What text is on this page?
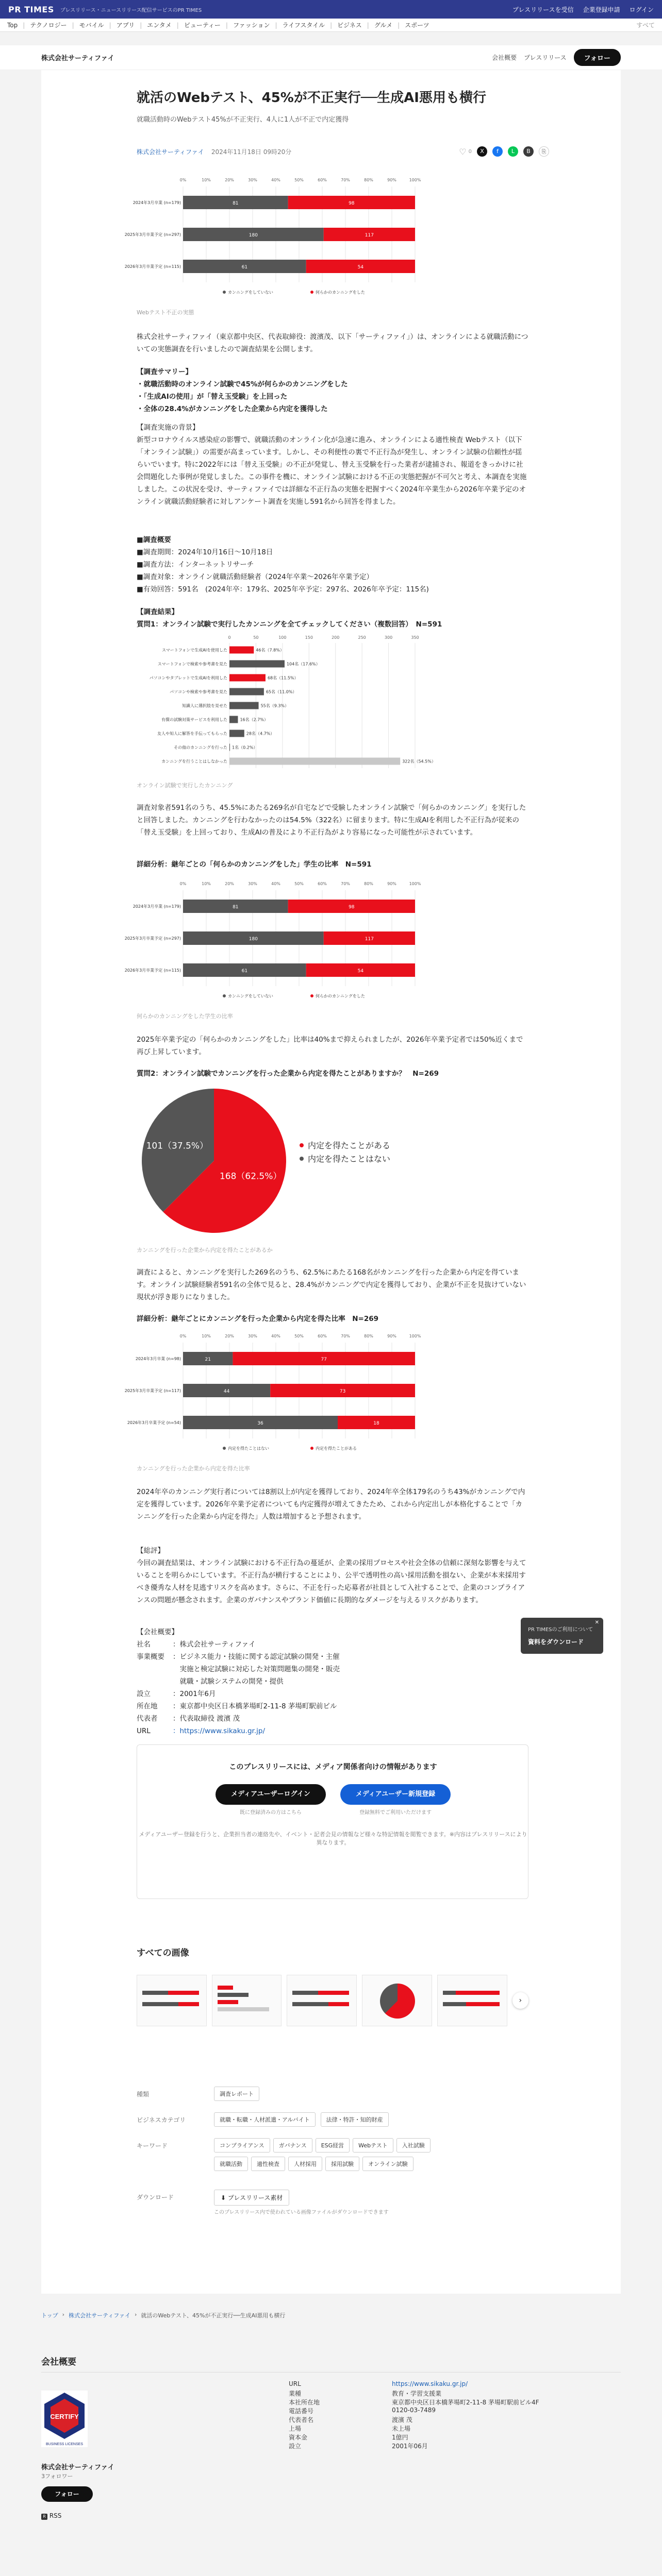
PR TIMES プレスリリース・ニュースリリース配信サービスのPR TIMES	プレスリリースを受信 企業登録申請 ログイン
Top | テクノロジー | モバイル | アプリ | エンタメ | ビューティー | ファッション | ライフスタイル | ビジネス | グルメ | スポーツ	すべて
株式会社サーティファイ	会社概要 プレスリリース	フォロー
就活のWebテスト、45%が不正実行──生成AI悪用も横行
就職活動時のWebテスト45%が不正実行、4人に1人が不正で内定獲得
株式会社サーティファイ 2024年11月18日 09時20分	♡ 0	X	f	L	B	⎘
0%	10%	20%	30%	40%	50%	60%	70%	80%	90%	100%
2024年3月卒業 (n=179)	81	98
2025年3月卒業予定 (n=297)	180	117
2026年3月卒業予定 (n=115)	61	54
カンニングをしていない	何らかのカンニングをした
Webテスト不正の実態
株式会社サーティファイ（東京都中央区、代表取締役：渡濱茂、以下「サーティファイ」）は、オンラインによる就職活動についての実態調査を行いましたので調査結果を公開します。
【調査サマリー】

・就職活動時のオンライン試験で45%が何らかのカンニングをした

・「生成AIの使用」が「替え玉受験」を上回った

・全体の28.4%がカンニングをした企業から内定を獲得した

【調査実施の背景】
新型コロナウイルス感染症の影響で、就職活動のオンライン化が急速に進み、オンラインによる適性検査 Webテスト（以下「オンライン試験」）の需要が高まっています。しかし、その利便性の裏で不正行為が発生し、オンライン試験の信頼性が揺らいでいます。特に2022年には「替え玉受験」の不正が発覚し、替え玉受験を行った業者が逮捕され、報道をきっかけに社会問題化した事例が発覚しました。この事件を機に、オンライン試験における不正の実態把握が不可欠と考え、本調査を実施しました。この状況を受け、サーティファイでは詳細な不正行為の実態を把握すべく2024年卒業生から2026年卒業予定のオンライン就職活動経験者に対しアンケート調査を実施し591名から回答を得ました。

■調査概要

■調査期間：2024年10月16日〜10月18日

■調査方法：インターネットリサーチ

■調査対象：オンライン就職活動経験者（2024年卒業〜2026年卒業予定）

■有効回答：591名　(2024年卒：179名、2025年卒予定：297名、2026年卒予定：115名)

【調査結果】
質問1：オンライン試験で実行したカンニングを全てチェックしてください（複数回答）　N=591
0	50	100	150	200	250	300	350
スマートフォンで生成AIを使用した	46名（7.8%）
スマートフォンで検索や参考書を見た	104名（17.6%）
パソコンやタブレットで生成AIを利用した	68名（11.5%）
パソコンや検索や参考書を見た	65名（11.0%）
知識人に選択肢を見せた	55名（9.3%）
有償の試験対策サービスを利用した	16名（2.7%）
友人や知人に解答を手伝ってもらった	28名（4.7%）
その他のカンニングを行った 1名（0.2%）
カンニングを行うことはしなかった	322名（54.5%）
オンライン試験で実行したカンニング
調査対象者591名のうち、45.5%にあたる269名が自宅などで受験したオンライン試験で「何らかのカンニング」を実行したと回答しました。カンニングを行わなかったのは54.5%（322名）に留まります。特に生成AIを利用した不正行為が従来の「替え玉受験」を上回っており、生成AIの普及により不正行為がより容易になった可能性が示されています。
詳細分析：継年ごとの「何らかのカンニングをした」学生の比率　N=591
0%	10%	20%	30%	40%	50%	60%	70%	80%	90%	100%
2024年3月卒業 (n=179)	81	98
2025年3月卒業予定 (n=297)	180	117
2026年3月卒業予定 (n=115)	61	54
カンニングをしていない	何らかのカンニングをした
何らかのカンニングをした学生の比率
2025年卒業予定の「何らかのカンニングをした」比率は40%まで抑えられましたが、2026年卒業予定者では50%近くまで再び上昇しています。
質問2：オンライン試験でカンニングを行った企業から内定を得たことがありますか？　N=269
168（62.5%）
101（37.5%）	内定を得たことがある
内定を得たことはない
カンニングを行った企業から内定を得たことがあるか
調査によると、カンニングを実行した269名のうち、62.5%にあたる168名がカンニングを行った企業から内定を得ています。オンライン試験経験者591名の全体で見ると、28.4%がカンニングで内定を獲得しており、企業が不正を見抜けていない現状が浮き彫りになりました。
詳細分析：継年ごとにカンニングを行った企業から内定を得た比率　N=269
0%	10%	20%	30%	40%	50%	60%	70%	80%	90%	100%
2024年3月卒業 (n=98)	21	77
2025年3月卒業予定 (n=117)	44	73
2026年3月卒業予定 (n=54)	36	18
内定を得たことはない	内定を得たことがある
カンニングを行った企業から内定を得た比率
2024年卒のカンニング実行者については8割以上が内定を獲得しており、2024年卒全体179名のうち43%がカンニングで内定を獲得しています。2026年卒業予定者についても内定獲得が増えてきたため、これから内定出しが本格化することで「カンニングを行った企業から内定を得た」人数は増加すると予想されます。
【総評】
今回の調査結果は、オンライン試験における不正行為の蔓延が、企業の採用プロセスや社会全体の信頼に深刻な影響を与えていることを明らかにしています。不正行為が横行することにより、公平で透明性の高い採用活動を損ない、企業が本来採用すべき優秀な人材を見逃すリスクを高めます。さらに、不正を行った応募者が社員として入社することで、企業のコンプライアンスの問題が懸念されます。企業のガバナンスやブランド価値に長期的なダメージを与えるリスクがあります。
【会社概要】
社名	：株式会社サーティファイ
事業概要 ：ビジネス能力・技能に関する認定試験の開発・主催
　実施と検定試験に対応した対策問題集の開発・販売
　就職・試験システムの開発・提供
設立	：2001年6月
所在地 ：東京都中央区日本橋茅場町2-11-8 茅場町駅前ビル
代表者 ：代表取締役 渡濱 茂
URL	：https://www.sikaku.gr.jp/
このプレスリリースには、メディア関係者向けの情報があります
メディアユーザーログイン	メディアユーザー新規登録
既に登録済みの方はこちら	登録無料でご利用いただけます
メディアユーザー登録を行うと、企業担当者の連絡先や、イベント・記者会見の情報など様々な特記情報を閲覧できます。※内容はプレスリリースにより異なります。
すべての画像
›
種類	調査レポート
ビジネスカテゴリ	就職・転職・人材派遣・アルバイト	法律・特許・知的財産
キーワード	コンプライアンス	ガバナンス	ESG経営	Webテスト	入社試験就職活動	適性検査	人材採用	採用試験	オンライン試験
ダウンロード	⬇ プレスリリース素材
このプレスリリース内で使われている画像ファイルがダウンロードできます
✕
PR TIMESのご利用について
資料をダウンロード
トップ › 株式会社サーティファイ › 就活のWebテスト、45%が不正実行──生成AI悪用も横行
会社概要
CERTIFY
BUSINESS LICENSES
株式会社サーティファイ
3フォロワー
フォロー
R RSS
URL	https://www.sikaku.gr.jp/
業種	教育・学習支援業
本社所在地	東京都中央区日本橋茅場町2-11-8 茅場町駅前ビル4F
電話番号	0120-03-7489
代表者名	渡濱 茂
上場	未上場
資本金	1億円
設立	2001年06月
